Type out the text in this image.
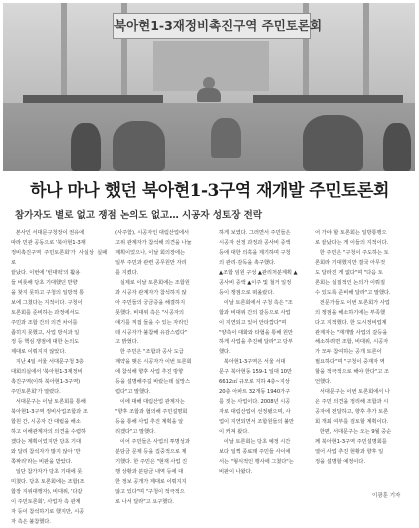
북아현1-3재정비촉진구역 주민토론회
하나 마나 했던 북아현1-3구역 재개발 주민토론회
참가자도 별로 없고 쟁점 논의도 없고… 시공자 성토장 전락
본사인 서대문구청장이 권유에
따라 민관 공동으로 '북아현1-3재
정비촉진구역 주민토론회'가 사실상 실패로
끝났다. 이번에 '빈대떡'의 활용
들 비롯해 당초 기대했던 반향
을 찾지 못하고 구청의 일방적 통
보에 그쳤다는 지적이다. 구청이
토론회를 준비하는 과정에서도
주민과 조합 간의 의견 차이를
좁히지 못했고, 사업 방식과 일
정 등 핵심 쟁점에 대한 논의도
제대로 이뤄지지 않았다.
지난 4일 서울 서대문구청 3층
대회의실에서 '북아현1-3재정비
촉진구역(이하 북아현1-3구역)
주민토론회'가 열렸다.
서대문구는 이날 토론회를 통해
북아현1-3구역 정비사업조합과 조
합원 간, 시공자 간 대립을 해소
하고 이해관계자의 의견을 수렴하
겠다는 계획이었지만 당초 기대
와 달리 참석자가 많지 않아 '반
쪽짜리'라는 비판을 받았다.
일단 참가자가 당초 기대에 못
미쳤다. 당초 토론회에는 조합(조
합장 지위대행자), 비대위, '다같
이 주민토론회', 사업자 측 관계
자 등이 참석하기로 했지만, 시공
자 측은 불참했다.
(사주함), 시공자인 대림산업에서
고위 관계자가 참석해 의견을 나눌
계획이었으나, 이날 회의장에는
일부 주민과 관련 공무원만 자리
를 지켰다.
실제로 이날 토론회에는 조합원
과 시공자 관계자가 참석하지 않
아 주민들의 궁금증을 해결하지
못했다. 비대위 측은 "시공자의
얘기를 직접 들을 수 있는 자리인
데 시공자가 불참해 유감스럽다"
고 밝혔다.
한 주민은 "조합과 공사 도급
계약을 맺은 시공자가 이번 토론회
에 참석해 향후 사업 추진 방향
등을 설명해주길 바랐는데 실망스
럽다"고 말했다.
이에 대해 대림산업 관계자는
"향후 조합과 협의해 주민설명회
등을 통해 사업 추진 계획을 알
리겠다"고 말했다.
이어 주민들은 사업의 투명성과
분담금 문제 등을 집중적으로 제
기했다. 한 주민은 "현재 사업 진
행 상황과 분담금 내역 등에 대
한 정보 공개가 제대로 이뤄지지
않고 있다"며 "구청이 적극적으
로 나서 달라"고 요구했다.
하게 보였다. 그러면서 주민들은
시공자 선정 과정과 공사비 증액
등에 대한 의혹을 제기하며 구청
의 관리·감독을 촉구했다.
▲조합 임원 구성 ▲관리처분계획 ▲
공사비 증액 ▲이주 및 철거 일정
등이 쟁점으로 떠올랐다.
이날 토론회에서 구청 측은 "조
합과 비대위 간의 갈등으로 사업
이 지연되고 있어 안타깝다"며
"양측이 대화와 타협을 통해 원만
하게 사업을 추진해 달라"고 당부
했다.
북아현1-3구역은 서울 서대
문구 북아현동 159-1 일대 10만
6612㎡ 규모로 지하 4층~지상
20층 아파트 32개동 1940가구
를 짓는 사업이다. 2008년 시공
자로 대림산업이 선정됐으며, 사
업이 지연되면서 조합원들의 불만
이 커져 왔다.
이날 토론회는 당초 예정 시간
보다 일찍 종료돼 주민들 사이에
서는 "형식적인 행사에 그쳤다"는
비판이 나왔다.
어 가야 할 토론회는 일방통행으
로 끝났다는 게 이들의 지적이다.
한 주민은 "구청이 주도하는 토
론회라 기대했지만 결국 아무것
도 달라진 게 없다"며 "다음 토
론회는 실질적인 논의가 이뤄질
수 있도록 준비해 달라"고 말했다.
전문가들도 이번 토론회가 사업
의 쟁점을 해소하기에는 부족했
다고 지적했다. 한 도시정비업계
관계자는 "재개발 사업의 갈등을
해소하려면 조합, 비대위, 시공자
가 모두 참여하는 공개 토론이
필요하다"며 "구청이 중재자 역
할을 적극적으로 해야 한다"고 조
언했다.
서대문구는 이번 토론회에서 나
온 주민 의견을 정리해 조합과 시
공자에 전달하고, 향후 추가 토론
회 개최 여부를 검토할 계획이다.
한편, 서대문구는 오는 9월 중순
께 북아현1-3구역 주민설명회를
열어 사업 추진 현황과 향후 일
정을 설명할 예정이다.
이광훈 기자
